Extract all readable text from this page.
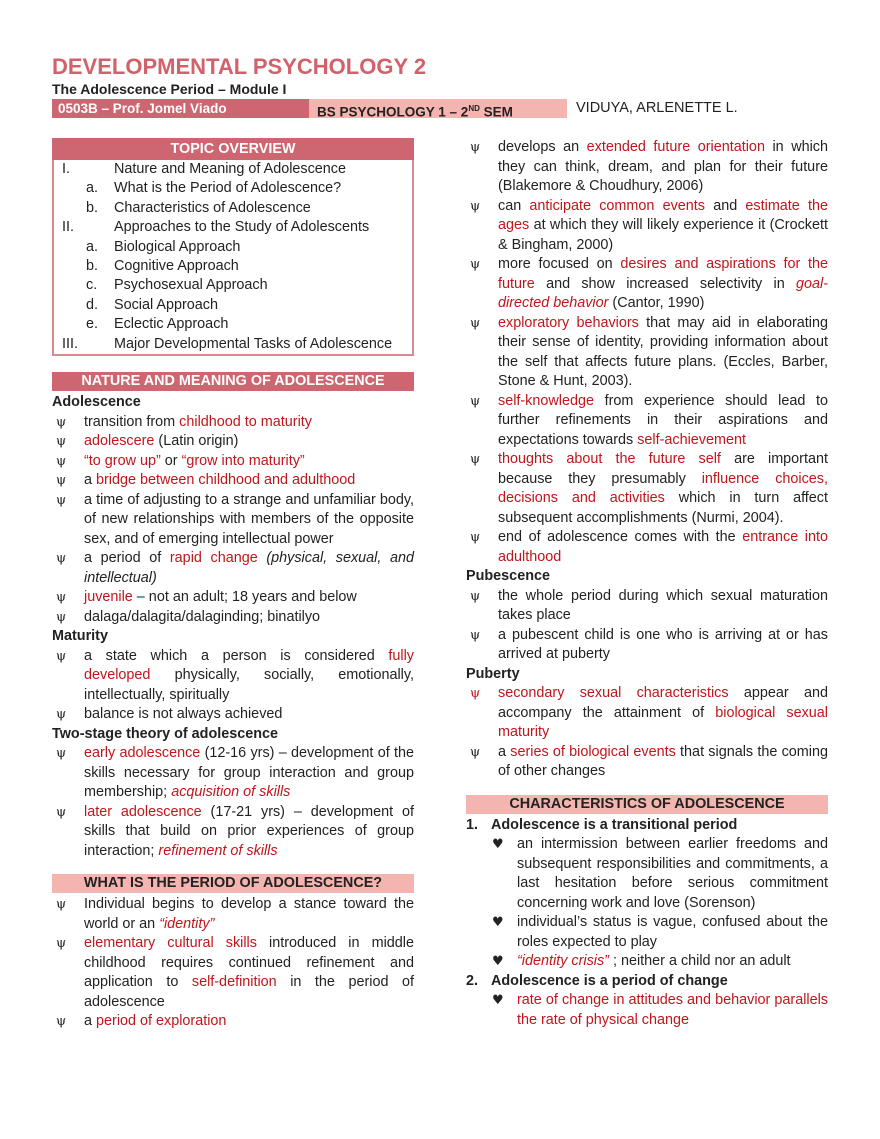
DEVELOPMENTAL PSYCHOLOGY 2
The Adolescence Period – Module I
0503B – Prof. Jomel Viado	BS PSYCHOLOGY 1 – 2ND SEM	VIDUYA, ARLENETTE L.
TOPIC OVERVIEW
I.	Nature and Meaning of Adolescence
a.	What is the Period of Adolescence?
b.	Characteristics of Adolescence
II.	Approaches to the Study of Adolescents
a.	Biological Approach
b.	Cognitive Approach
c.	Psychosexual Approach
d.	Social Approach
e.	Eclectic Approach
III.	Major Developmental Tasks of Adolescence
NATURE AND MEANING OF ADOLESCENCE
Adolescence
ψ	transition from childhood to maturity
ψ	adolescere (Latin origin)
ψ	“to grow up” or “grow into maturity”
ψ	a bridge between childhood and adulthood
ψ	a time of adjusting to a strange and unfamiliar body, of new relationships with members of the opposite sex, and of emerging intellectual power
ψ	a period of rapid change (physical, sexual, and intellectual)
ψ	juvenile – not an adult; 18 years and below
ψ	dalaga/dalagita/dalaginding; binatilyo
Maturity
ψ	a state which a person is considered fully developed physically, socially, emotionally, intellectually, spiritually
ψ	balance is not always achieved
Two-stage theory of adolescence
ψ	early adolescence (12-16 yrs) – development of the skills necessary for group interaction and group membership; acquisition of skills
ψ	later adolescence (17-21 yrs) – development of skills that build on prior experiences of group interaction; refinement of skills
WHAT IS THE PERIOD OF ADOLESCENCE?
ψ	Individual begins to develop a stance toward the world or an “identity”
ψ	elementary cultural skills introduced in middle childhood requires continued refinement and application to self-definition in the period of adolescence
ψ	a period of exploration
ψ	develops an extended future orientation in which they can think, dream, and plan for their future (Blakemore & Choudhury, 2006)
ψ	can anticipate common events and estimate the ages at which they will likely experience it (Crockett & Bingham, 2000)
ψ	more focused on desires and aspirations for the future and show increased selectivity in goal-directed behavior (Cantor, 1990)
ψ	exploratory behaviors that may aid in elaborating their sense of identity, providing information about the self that affects future plans. (Eccles, Barber, Stone & Hunt, 2003).
ψ	self-knowledge from experience should lead to further refinements in their aspirations and expectations towards self-achievement
ψ	thoughts about the future self are important because they presumably influence choices, decisions and activities which in turn affect subsequent accomplishments (Nurmi, 2004).
ψ	end of adolescence comes with the entrance into adulthood
Pubescence
ψ	the whole period during which sexual maturation takes place
ψ	a pubescent child is one who is arriving at or has arrived at puberty
Puberty
ψ	secondary sexual characteristics appear and accompany the attainment of biological sexual maturity
ψ	a series of biological events that signals the coming of other changes
CHARACTERISTICS OF ADOLESCENCE
1. Adolescence is a transitional period
♥ an intermission between earlier freedoms and subsequent responsibilities and commitments, a last hesitation before serious commitment concerning work and love (Sorenson)
♥ individual’s status is vague, confused about the roles expected to play
♥ “identity crisis” ; neither a child nor an adult
2. Adolescence is a period of change
♥ rate of change in attitudes and behavior parallels the rate of physical change
